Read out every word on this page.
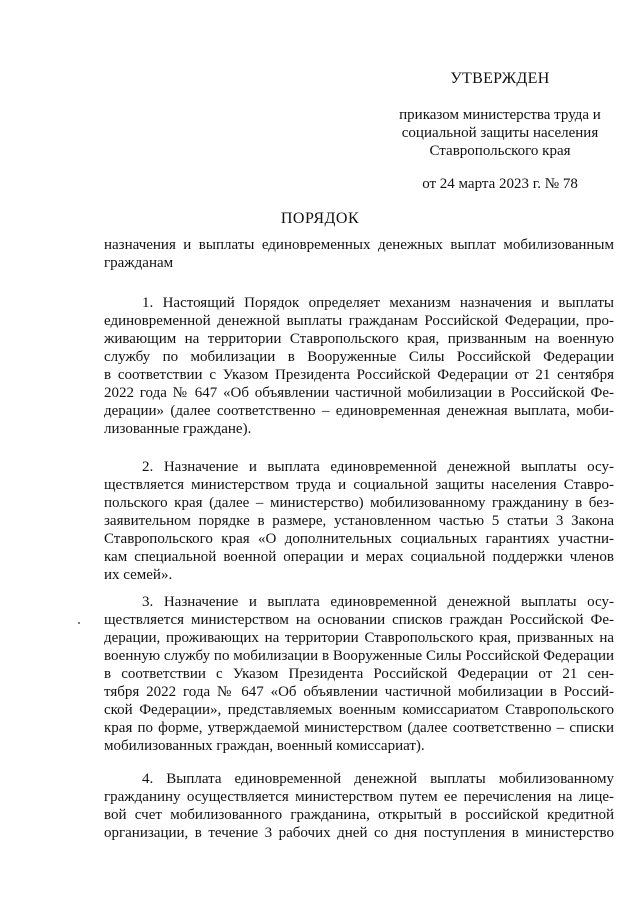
УТВЕРЖДЕН
приказом министерства труда и
социальной защиты населения
Ставропольского края
от 24 марта 2023 г. № 78
ПОРЯДОК
назначения и выплаты единовременных денежных выплат мобилизованным
гражданам
1. Настоящий Порядок определяет механизм назначения и выплаты
единовременной денежной выплаты гражданам Российской Федерации, про-
живающим на территории Ставропольского края, призванным на военную
службу по мобилизации в Вооруженные Силы Российской Федерации
в соответствии с Указом Президента Российской Федерации от 21 сентября
2022 года № 647 «Об объявлении частичной мобилизации в Российской Фе-
дерации» (далее соответственно – единовременная денежная выплата, моби-
лизованные граждане).
2. Назначение и выплата единовременной денежной выплаты осу-
ществляется министерством труда и социальной защиты населения Ставро-
польского края (далее – министерство) мобилизованному гражданину в без-
заявительном порядке в размере, установленном частью 5 статьи 3 Закона
Ставропольского края «О дополнительных социальных гарантиях участни-
кам специальной военной операции и мерах социальной поддержки членов
их семей».
3. Назначение и выплата единовременной денежной выплаты осу-
ществляется министерством на основании списков граждан Российской Фе-
дерации, проживающих на территории Ставропольского края, призванных на
военную службу по мобилизации в Вооруженные Силы Российской Федерации
в соответствии с Указом Президента Российской Федерации от 21 сен-
тября 2022 года № 647 «Об объявлении частичной мобилизации в Россий-
ской Федерации», представляемых военным комиссариатом Ставропольского
края по форме, утверждаемой министерством (далее соответственно – списки
мобилизованных граждан, военный комиссариат).
4. Выплата единовременной денежной выплаты мобилизованному
гражданину осуществляется министерством путем ее перечисления на лице-
вой счет мобилизованного гражданина, открытый в российской кредитной
организации, в течение 3 рабочих дней со дня поступления в министерство
